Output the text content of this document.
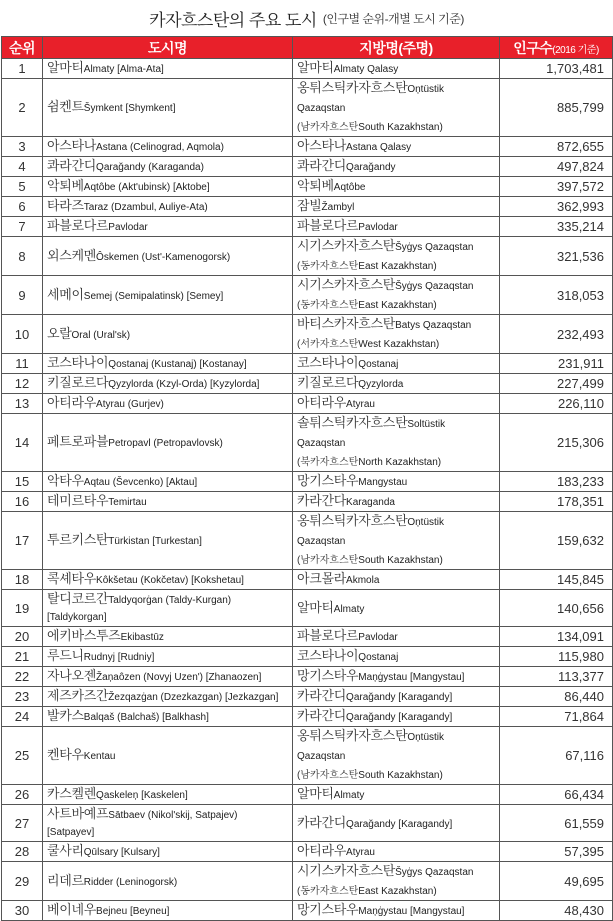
카자흐스탄의 주요 도시 (인구별 순위-개별 도시 기준)
순위	도시명	지방명(주명)	인구수(2016 기준)
1	알마티Almaty [Alma-Ata]	알마티Almaty Qalasy	1,703,481
2	쉼켄트Šymkent [Shymkent]	옹튀스틱카자흐스탄Oņtüstik Qazaqstan
(남카자흐스탄South Kazakhstan)	885,799
3	아스타나Astana (Celinograd, Aqmola)	아스타나Astana Qalasy	872,655
4	콰라간디Qarağandy (Karaganda)	콰라간디Qarağandy	497,824
5	악퇴베Aqtôbe (Akt'ubinsk) [Aktobe]	악퇴베Aqtôbe	397,572
6	타라즈Taraz (Dzambul, Auliye-Ata)	잠빌Žambyl	362,993
7	파블로다르Pavlodar	파블로다르Pavlodar	335,214
8	외스케멘Ôskemen (Ust'-Kamenogorsk)	시기스카자흐스탄Šyġys Qazaqstan
(동카자흐스탄East Kazakhstan)	321,536
9	세메이Semej (Semipalatinsk) [Semey]	시기스카자흐스탄Šyġys Qazaqstan
(동카자흐스탄East Kazakhstan)	318,053
10	오랄Oral (Ural'sk)	바티스카자흐스탄Batys Qazaqstan
(서카자흐스탄West Kazakhstan)	232,493
11	코스타나이Qostanaj (Kustanaj) [Kostanay]	코스타나이Qostanaj	231,911
12	키질로르다Qyzylorda (Kzyl-Orda) [Kyzylorda]	키질로르다Qyzylorda	227,499
13	아티라우Atyrau (Gurjev)	아티라우Atyrau	226,110
14	페트로파블Petropavl (Petropavlovsk)	솔튀스틱카자흐스탄Soltüstik Qazaqstan
(북카자흐스탄North Kazakhstan)	215,306
15	악타우Aqtau (Ševcenko) [Aktau]	망기스타우Mangystau	183,233
16	테미르타우Temirtau	카라간다Karaganda	178,351
17	투르키스탄Türkistan [Turkestan]	옹튀스틱카자흐스탄Oņtüstik Qazaqstan
(남카자흐스탄South Kazakhstan)	159,632
18	콕셰타우Kôkšetau (Kokčetav) [Kokshetau]	아크몰라Akmola	145,845
19	탈디코르간Taldyqorġan (Taldy-Kurgan)
[Taldykorgan]	알마티Almaty	140,656
20	에키바스투즈Ekibastūz	파블로다르Pavlodar	134,091
21	루드니Rudnyj [Rudniy]	코스타나이Qostanaj	115,980
22	자나오젠Žaņaôzen (Novyj Uzen') [Zhanaozen]	망기스타우Maņġystau [Mangystau]	113,377
23	제즈카즈간Žezqazġan (Dzezkazgan) [Jezkazgan]	카라간디Qarağandy [Karagandy]	86,440
24	발카스Balqaš (Balchaš) [Balkhash]	카라간디Qarağandy [Karagandy]	71,864
25	켄타우Kentau	옹튀스틱카자흐스탄Oņtüstik Qazaqstan
(남카자흐스탄South Kazakhstan)	67,116
26	카스켈렌Qaskeleņ [Kaskelen]	알마티Almaty	66,434
27	사트바예프Sātbaev (Nikol'skij, Satpajev)
[Satpayev]	카라간디Qarağandy [Karagandy]	61,559
28	쿨사리Qūlsary [Kulsary]	아티라우Atyrau	57,395
29	리데르Ridder (Leninogorsk)	시기스카자흐스탄Šyġys Qazaqstan
(동카자흐스탄East Kazakhstan)	49,695
30	베이네우Bejneu [Beyneu]	망기스타우Maņġystau [Mangystau]	48,430
